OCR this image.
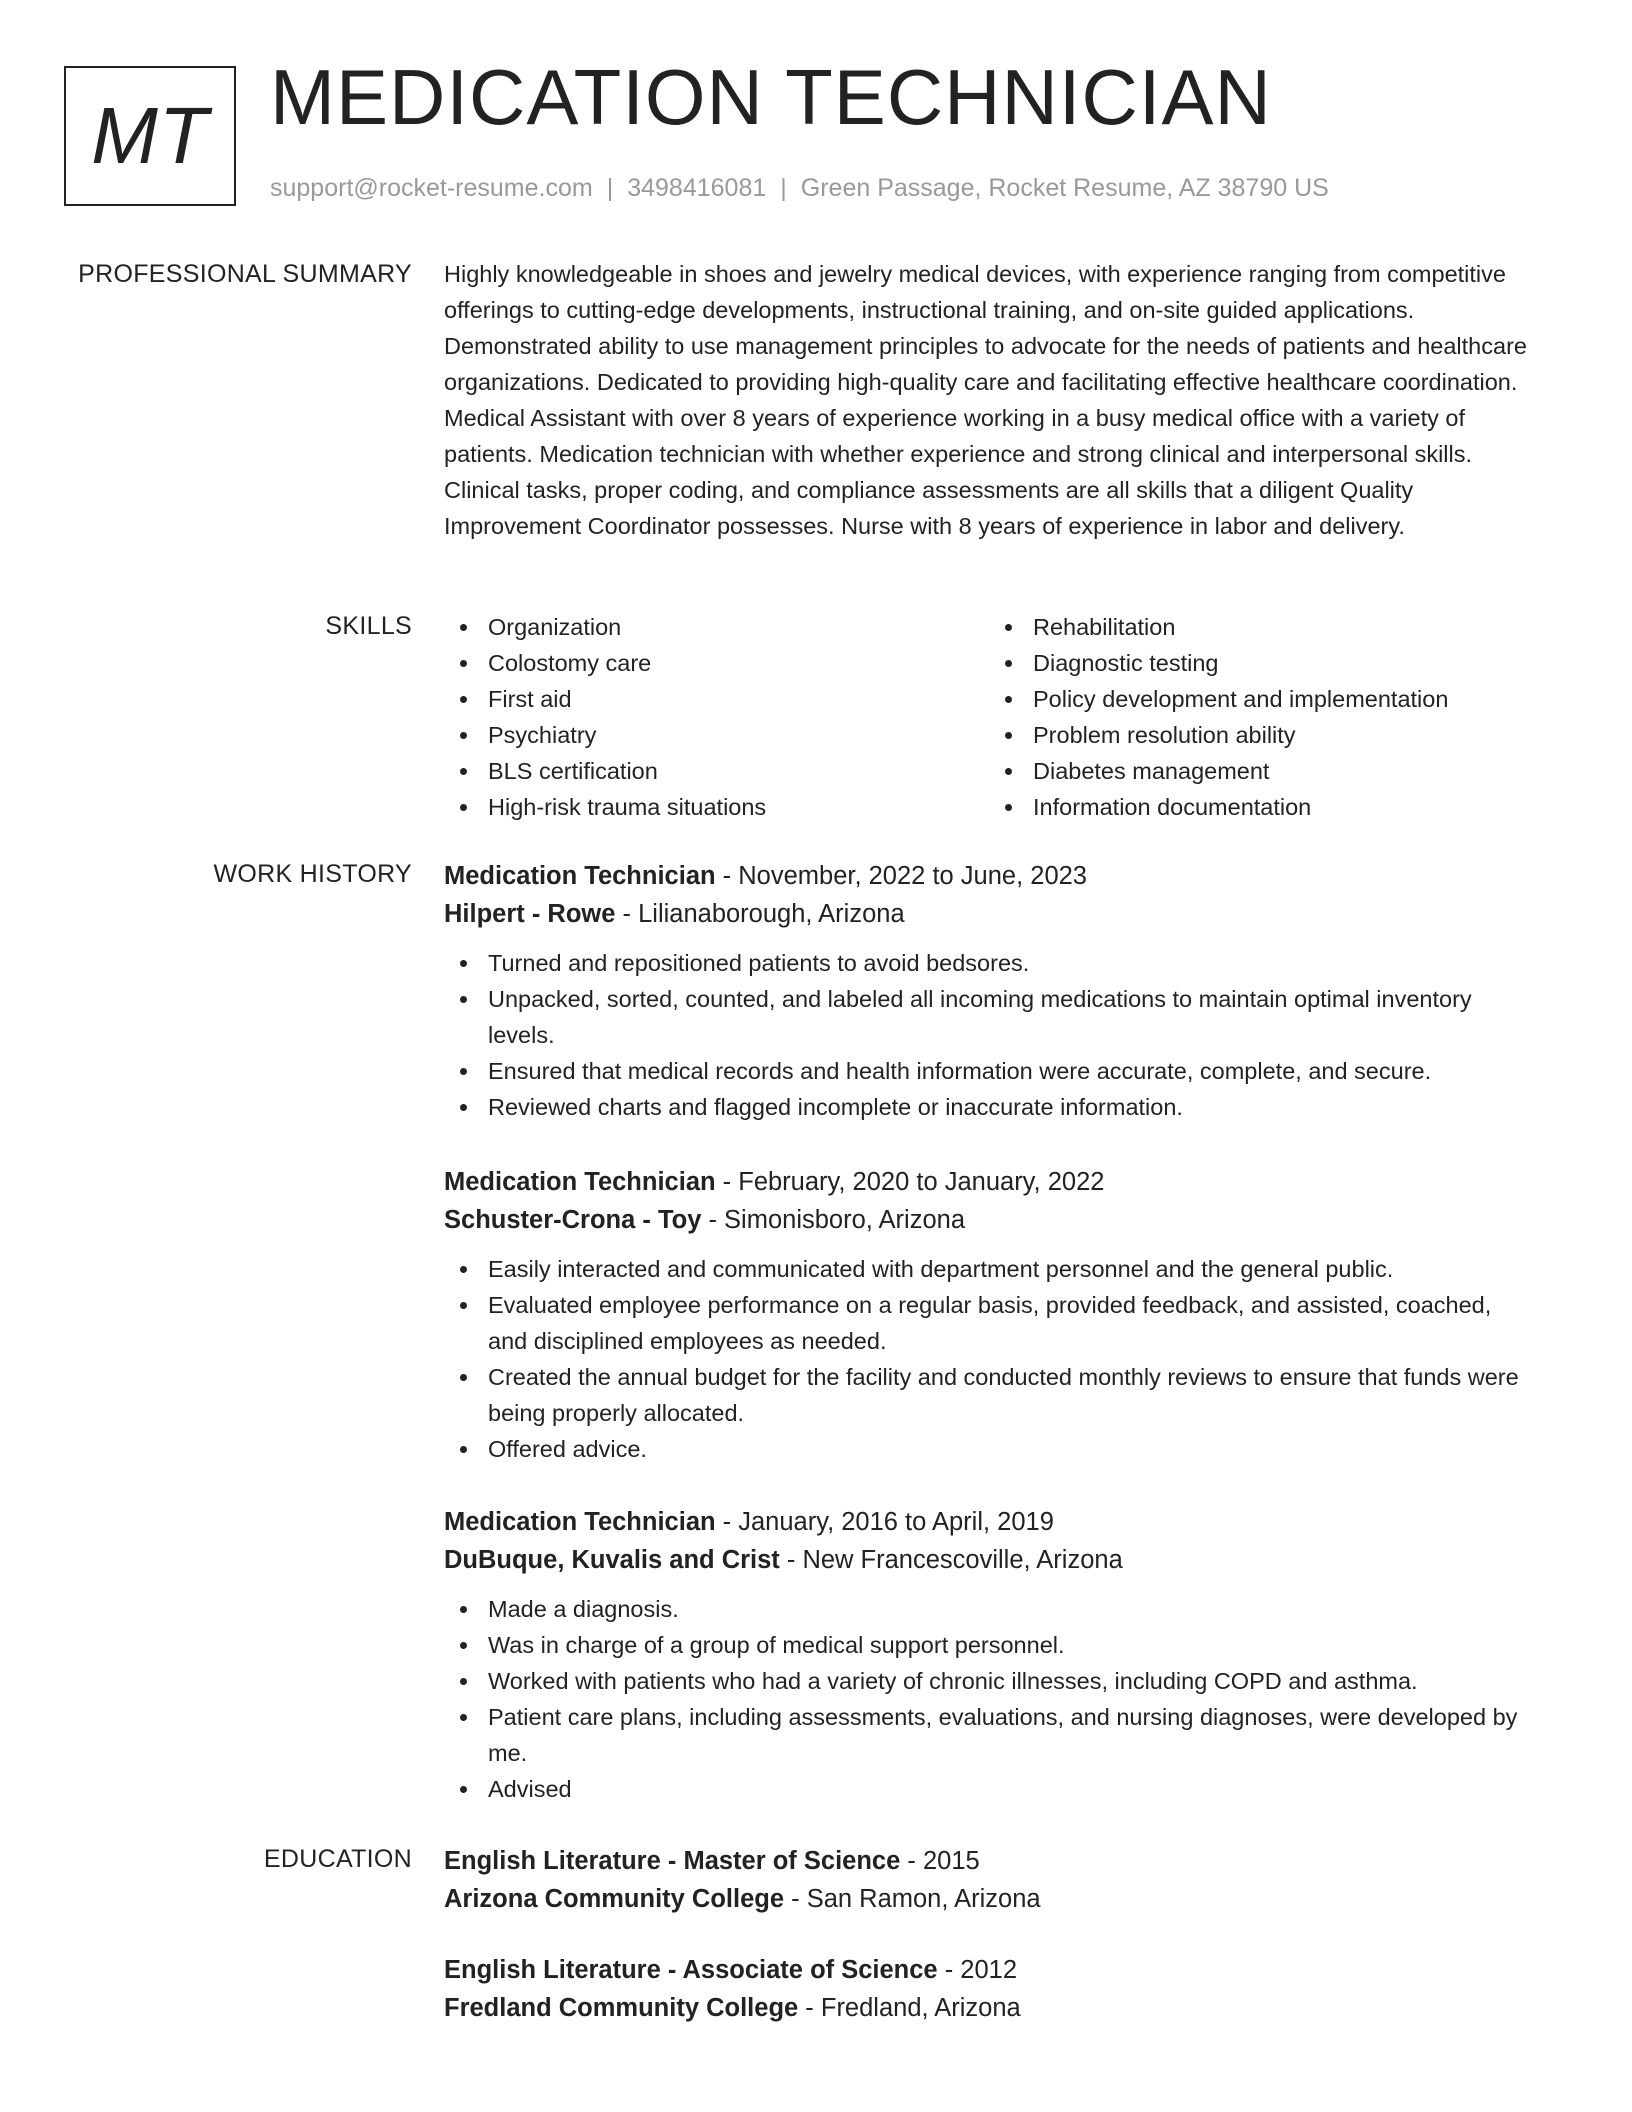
MT MEDICATION TECHNICIAN
support@rocket-resume.com | 3498416081 | Green Passage, Rocket Resume, AZ 38790 US
PROFESSIONAL SUMMARY Highly knowledgeable in shoes and jewelry medical devices, with experience ranging from competitive offerings to cutting-edge developments, instructional training, and on-site guided applications. Demonstrated ability to use management principles to advocate for the needs of patients and healthcare organizations. Dedicated to providing high-quality care and facilitating effective healthcare coordination. Medical Assistant with over 8 years of experience working in a busy medical office with a variety of patients. Medication technician with whether experience and strong clinical and interpersonal skills. Clinical tasks, proper coding, and compliance assessments are all skills that a diligent Quality Improvement Coordinator possesses. Nurse with 8 years of experience in labor and delivery.

SKILLS	Organization
Colostomy care
First aid
Psychiatry
BLS certification
High-risk trauma situations
Rehabilitation
Diagnostic testing
Policy development and implementation
Problem resolution ability
Diabetes management
Information documentation
WORK HISTORY Medication Technician - November, 2022 to June, 2023
Hilpert - Rowe - Lilianaborough, Arizona
Turned and repositioned patients to avoid bedsores.
Unpacked, sorted, counted, and labeled all incoming medications to maintain optimal inventory levels.
Ensured that medical records and health information were accurate, complete, and secure.
Reviewed charts and flagged incomplete or inaccurate information.
Medication Technician - February, 2020 to January, 2022
Schuster-Crona - Toy - Simonisboro, Arizona
Easily interacted and communicated with department personnel and the general public.
Evaluated employee performance on a regular basis, provided feedback, and assisted, coached, and disciplined employees as needed.
Created the annual budget for the facility and conducted monthly reviews to ensure that funds were being properly allocated.
Offered advice.
Medication Technician - January, 2016 to April, 2019
DuBuque, Kuvalis and Crist - New Francescoville, Arizona
Made a diagnosis.
Was in charge of a group of medical support personnel.
Worked with patients who had a variety of chronic illnesses, including COPD and asthma.
Patient care plans, including assessments, evaluations, and nursing diagnoses, were developed by me.
Advised
EDUCATION English Literature - Master of Science - 2015
Arizona Community College - San Ramon, Arizona
English Literature - Associate of Science - 2012
Fredland Community College - Fredland, Arizona
